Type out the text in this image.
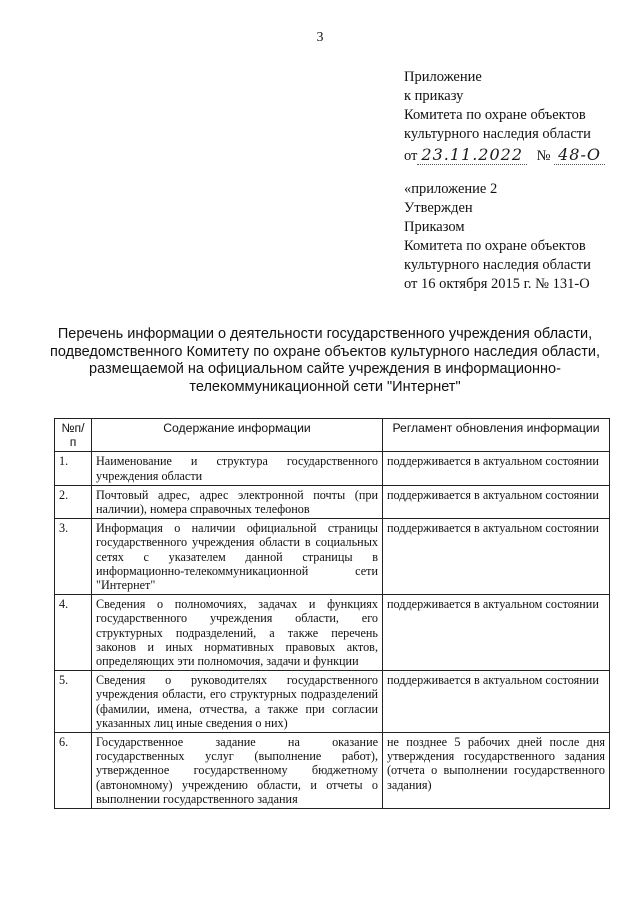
3
Приложение
к приказу
Комитета по охране объектов
культурного наследия области
от 23.11.2022 № 48-О
«приложение 2
Утвержден
Приказом
Комитета по охране объектов
культурного наследия области
от 16 октября 2015 г. № 131-О
Перечень информации о деятельности государственного учреждения области,
подведомственного Комитету по охране объектов культурного наследия области,
размещаемой на официальном сайте учреждения в информационно-
телекоммуникационной сети "Интернет"
№п/п	Содержание информации	Регламент обновления информации
1.	Наименование и структура государственного учреждения области	поддерживается в актуальном состоянии
2.	Почтовый адрес, адрес электронной почты (при наличии), номера справочных телефонов	поддерживается в актуальном состоянии
3.	Информация о наличии официальной страницы государственного учреждения области в социальных сетях с указателем данной страницы в информационно-телекоммуникационной сети "Интернет"	поддерживается в актуальном состоянии
4.	Сведения о полномочиях, задачах и функциях государственного учреждения области, его структурных подразделений, а также перечень законов и иных нормативных правовых актов, определяющих эти полномочия, задачи и функции	поддерживается в актуальном состоянии
5.	Сведения о руководителях государственного учреждения области, его структурных подразделений (фамилии, имена, отчества, а также при согласии указанных лиц иные сведения о них)	поддерживается в актуальном состоянии
6.	Государственное задание на оказание государственных услуг (выполнение работ), утвержденное государственному бюджетному (автономному) учреждению области, и отчеты о выполнении государственного задания	не позднее 5 рабочих дней после дня утверждения государственного задания (отчета о выполнении государственного задания)
